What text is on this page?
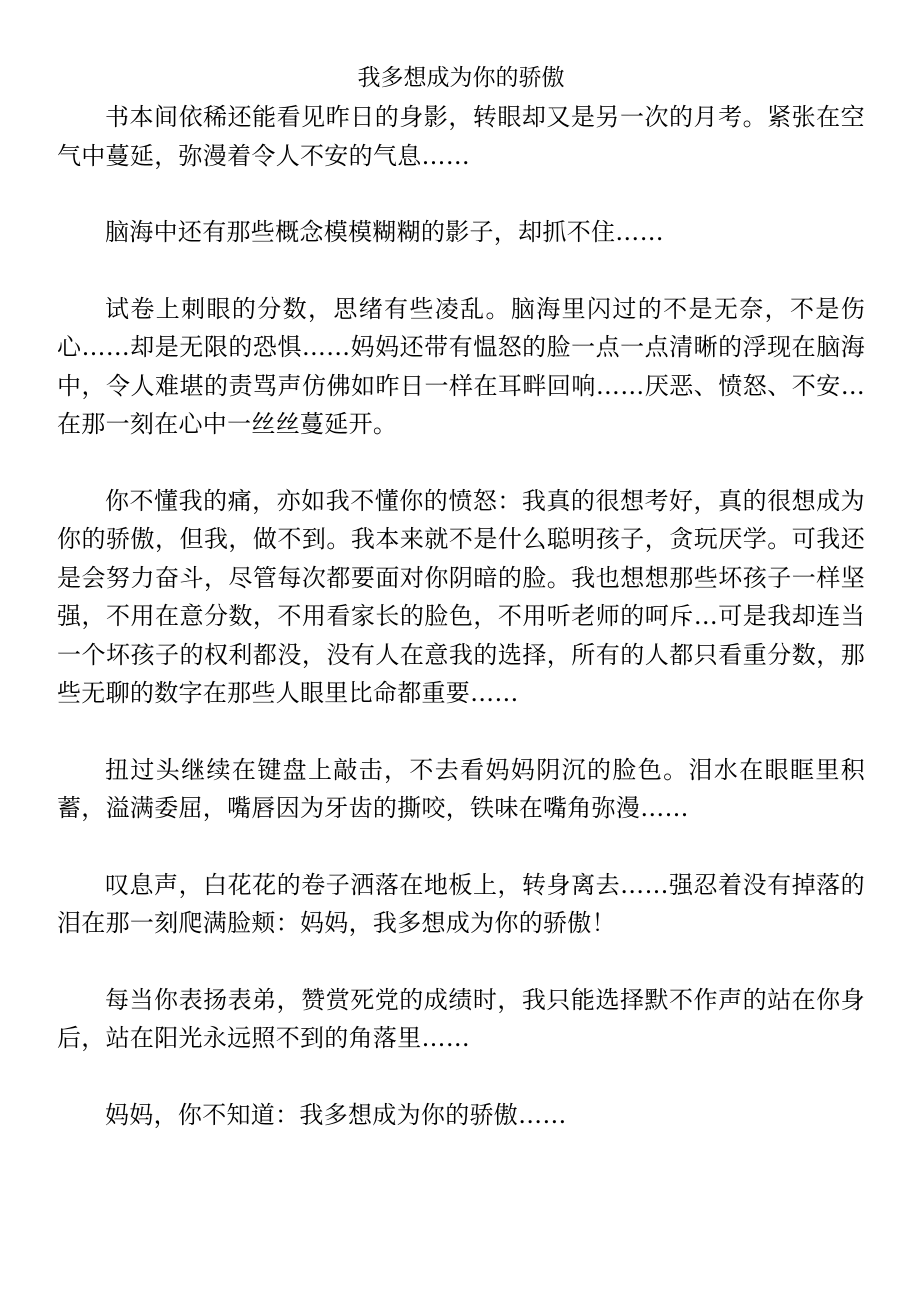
我多想成为你的骄傲

书本间依稀还能看见昨日的身影，转眼却又是另一次的月考。紧张在空气中蔓延，弥漫着令人不安的气息……

脑海中还有那些概念模模糊糊的影子，却抓不住……

试卷上刺眼的分数，思绪有些凌乱。脑海里闪过的不是无奈，不是伤心……却是无限的恐惧……妈妈还带有愠怒的脸一点一点清晰的浮现在脑海中，令人难堪的责骂声仿佛如昨日一样在耳畔回响……厌恶、愤怒、不安…在那一刻在心中一丝丝蔓延开。

你不懂我的痛，亦如我不懂你的愤怒：我真的很想考好，真的很想成为你的骄傲，但我，做不到。我本来就不是什么聪明孩子，贪玩厌学。可我还是会努力奋斗，尽管每次都要面对你阴暗的脸。我也想想那些坏孩子一样坚强，不用在意分数，不用看家长的脸色，不用听老师的呵斥…可是我却连当一个坏孩子的权利都没，没有人在意我的选择，所有的人都只看重分数，那些无聊的数字在那些人眼里比命都重要……

扭过头继续在键盘上敲击，不去看妈妈阴沉的脸色。泪水在眼眶里积蓄，溢满委屈，嘴唇因为牙齿的撕咬，铁味在嘴角弥漫……

叹息声，白花花的卷子洒落在地板上，转身离去……强忍着没有掉落的泪在那一刻爬满脸颊：妈妈，我多想成为你的骄傲！

每当你表扬表弟，赞赏死党的成绩时，我只能选择默不作声的站在你身后，站在阳光永远照不到的角落里……

妈妈，你不知道：我多想成为你的骄傲……
